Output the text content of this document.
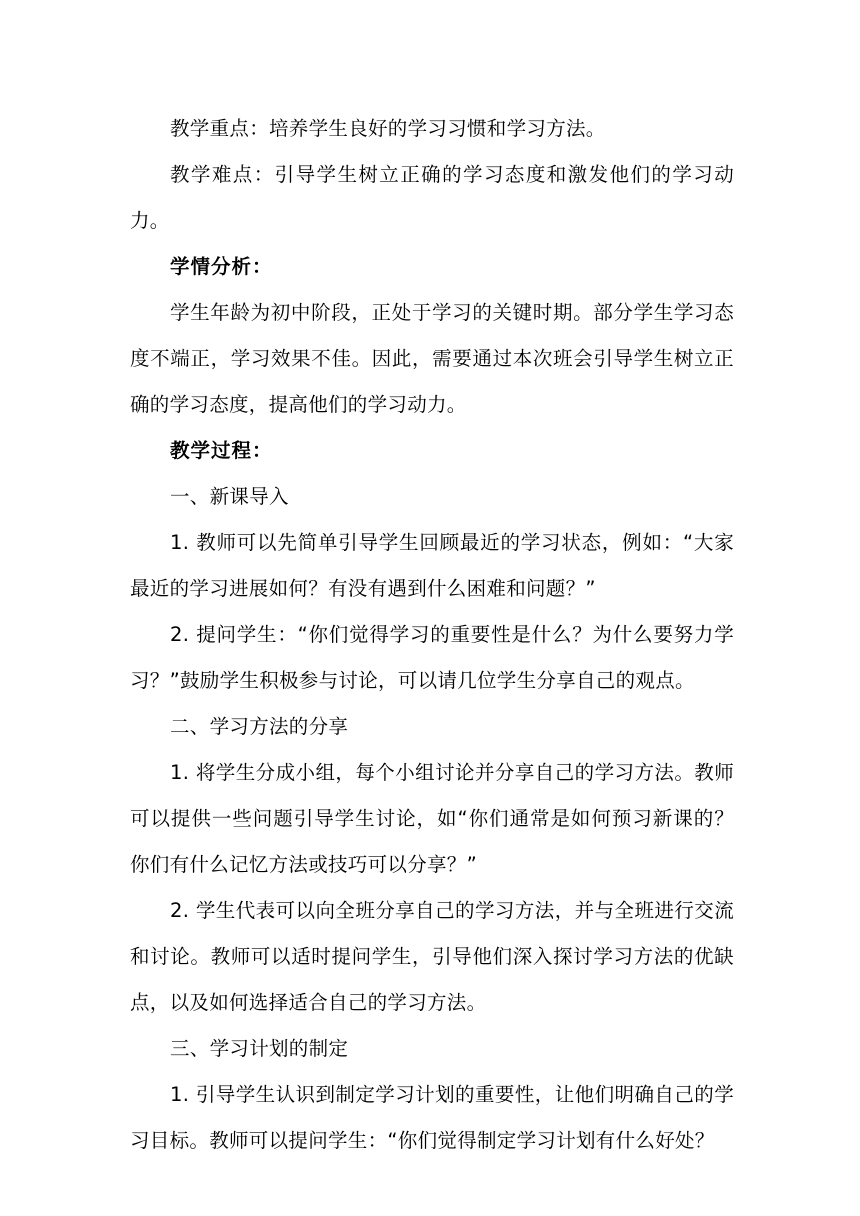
教学重点：培养学生良好的学习习惯和学习方法。

教学难点：引导学生树立正确的学习态度和激发他们的学习动力。

学情分析：

学生年龄为初中阶段，正处于学习的关键时期。部分学生学习态度不端正，学习效果不佳。因此，需要通过本次班会引导学生树立正确的学习态度，提高他们的学习动力。

教学过程：

一、新课导入

1. 教师可以先简单引导学生回顾最近的学习状态，例如：“大家最近的学习进展如何？有没有遇到什么困难和问题？”

2. 提问学生：“你们觉得学习的重要性是什么？为什么要努力学习？”鼓励学生积极参与讨论，可以请几位学生分享自己的观点。

二、学习方法的分享

1. 将学生分成小组，每个小组讨论并分享自己的学习方法。教师可以提供一些问题引导学生讨论，如“你们通常是如何预习新课的？你们有什么记忆方法或技巧可以分享？”

2. 学生代表可以向全班分享自己的学习方法，并与全班进行交流和讨论。教师可以适时提问学生，引导他们深入探讨学习方法的优缺点，以及如何选择适合自己的学习方法。

三、学习计划的制定

1. 引导学生认识到制定学习计划的重要性，让他们明确自己的学习目标。教师可以提问学生：“你们觉得制定学习计划有什么好处？
